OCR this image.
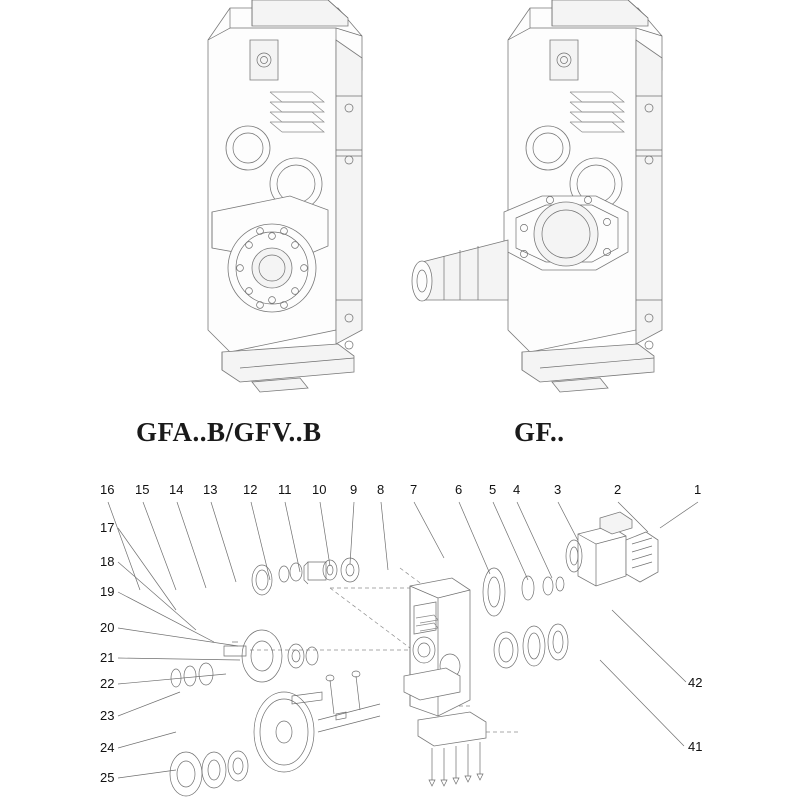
GFA..B/GFV..B	GF..
16 15 14 13 12 11 10 9 8 7	6 5 4	3	2	1
17
18
19
20
21
22
23
24
25
42
41
